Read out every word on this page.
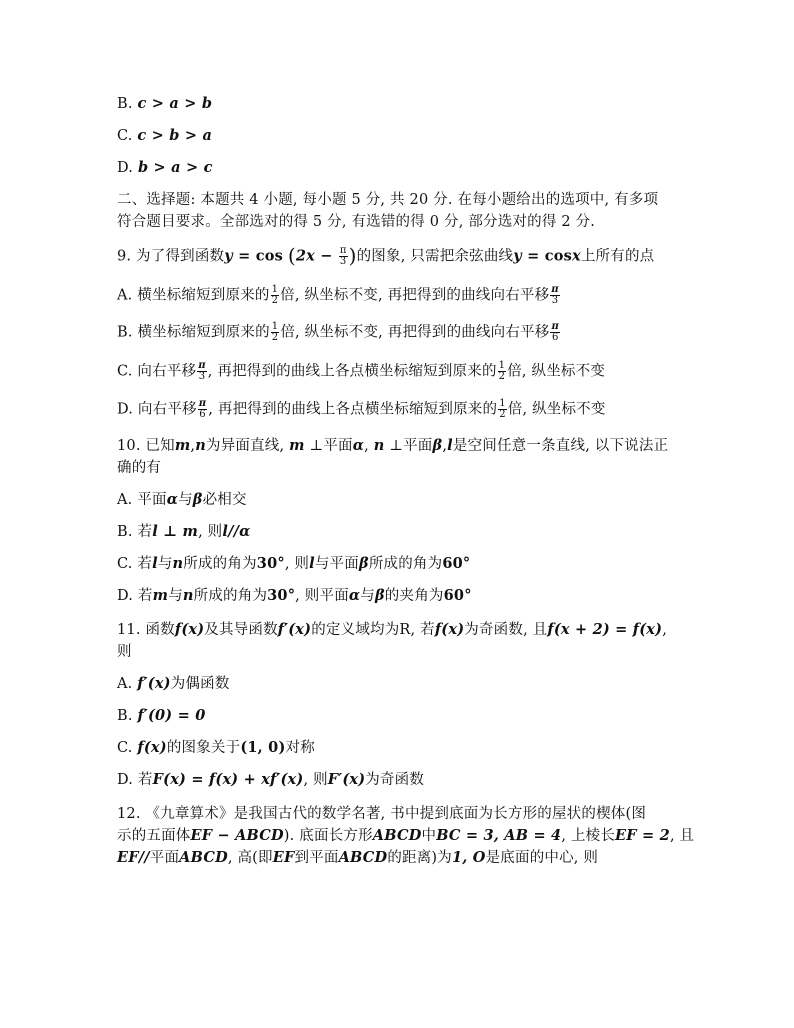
B. c > a > b
C. c > b > a
D. b > a > c
二、选择题: 本题共 4 小题, 每小题 5 分, 共 20 分. 在每小题给出的选项中, 有多项
符合题目要求。全部选对的得 5 分, 有选错的得 0 分, 部分选对的得 2 分.
9. 为了得到函数$y = \cos (2x - \frac{\pi}{3}$ )的图象, 只需把余弦曲线y = cosx上所有的点
A. 横坐标缩短到原来的 $\frac{1}{2}$ 倍, 纵坐标不变, 再把得到的曲线向右平移 $\frac{\pi}{3}$
B. 横坐标缩短到原来的 $\frac{1}{2}$ 倍, 纵坐标不变, 再把得到的曲线向右平移 $\frac{\pi}{6}$
C. 向右平移 $\frac{\pi}{3}$ , 再把得到的曲线上各点横坐标缩短到原来的 $\frac{1}{2}$ 倍, 纵坐标不变
D. 向右平移 $\frac{\pi}{6}$ , 再把得到的曲线上各点横坐标缩短到原来的 $\frac{1}{2}$ 倍, 纵坐标不变
10. 已知m,n为异面直线, m ⊥平面α, n ⊥平面β,l是空间任意一条直线, 以下说法正
确的有
A. 平面α与β必相交
B. 若l ⊥ m, 则l//α
C. 若l与n所成的角为30°, 则l与平面β所成的角为60°
D. 若m与n所成的角为30°, 则平面α与β的夹角为60°
11. 函数f(x)及其导函数f′(x)的定义域均为R, 若f(x)为奇函数, 且f(x + 2) = f(x),
则
A. f′(x)为偶函数
B. f′(0) = 0
C. f(x)的图象关于(1, 0)对称
D. 若F(x) = f(x) + xf′(x), 则F′(x)为奇函数
12. 《九章算术》是我国古代的数学名著, 书中提到底面为长方形的屋状的楔体(图
示的五面体EF − ABCD). 底面长方形ABCD中BC = 3, AB = 4, 上棱长EF = 2, 且
EF//平面ABCD, 高(即EF到平面ABCD的距离)为1, O是底面的中心, 则
